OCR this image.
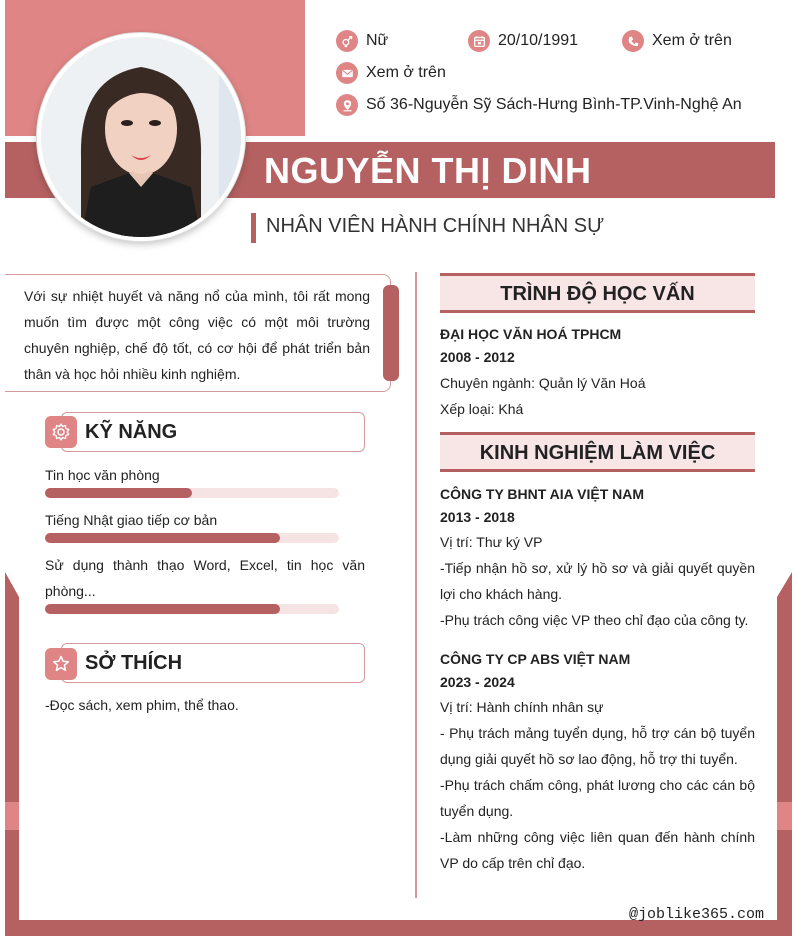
NGUYỄN THỊ DINH
NHÂN VIÊN HÀNH CHÍNH NHÂN SỰ
Nữ	20/10/1991	Xem ở trên
Xem ở trên
Số 36-Nguyễn Sỹ Sách-Hưng Bình-TP.Vinh-Nghệ An
Với sự nhiệt huyết và năng nổ của mình, tôi rất mong muốn tìm được một công việc có một môi trường chuyên nghiệp, chế độ tốt, có cơ hội để phát triển bản thân và học hỏi nhiều kinh nghiệm.
KỸ NĂNG
Tin học văn phòng
Tiếng Nhật giao tiếp cơ bản
Sử dụng thành thạo Word, Excel, tin học văn phòng...
SỞ THÍCH
-Đọc sách, xem phim, thể thao.
TRÌNH ĐỘ HỌC VẤN
ĐẠI HỌC VĂN HOÁ TPHCM
2008 - 2012
Chuyên ngành: Quản lý Văn Hoá
Xếp loại: Khá
KINH NGHIỆM LÀM VIỆC
CÔNG TY BHNT AIA VIỆT NAM
2013 - 2018
Vị trí: Thư ký VP
-Tiếp nhận hồ sơ, xử lý hồ sơ và giải quyết quyền lợi cho khách hàng.
-Phụ trách công việc VP theo chỉ đạo của công ty.
CÔNG TY CP ABS VIỆT NAM
2023 - 2024
Vị trí: Hành chính nhân sự
- Phụ trách mảng tuyển dụng, hỗ trợ cán bộ tuyển dụng giải quyết hồ sơ lao động, hỗ trợ thi tuyển.
-Phụ trách chấm công, phát lương cho các cán bộ tuyển dụng.
-Làm những công việc liên quan đến hành chính VP do cấp trên chỉ đạo.
@joblike365.com
